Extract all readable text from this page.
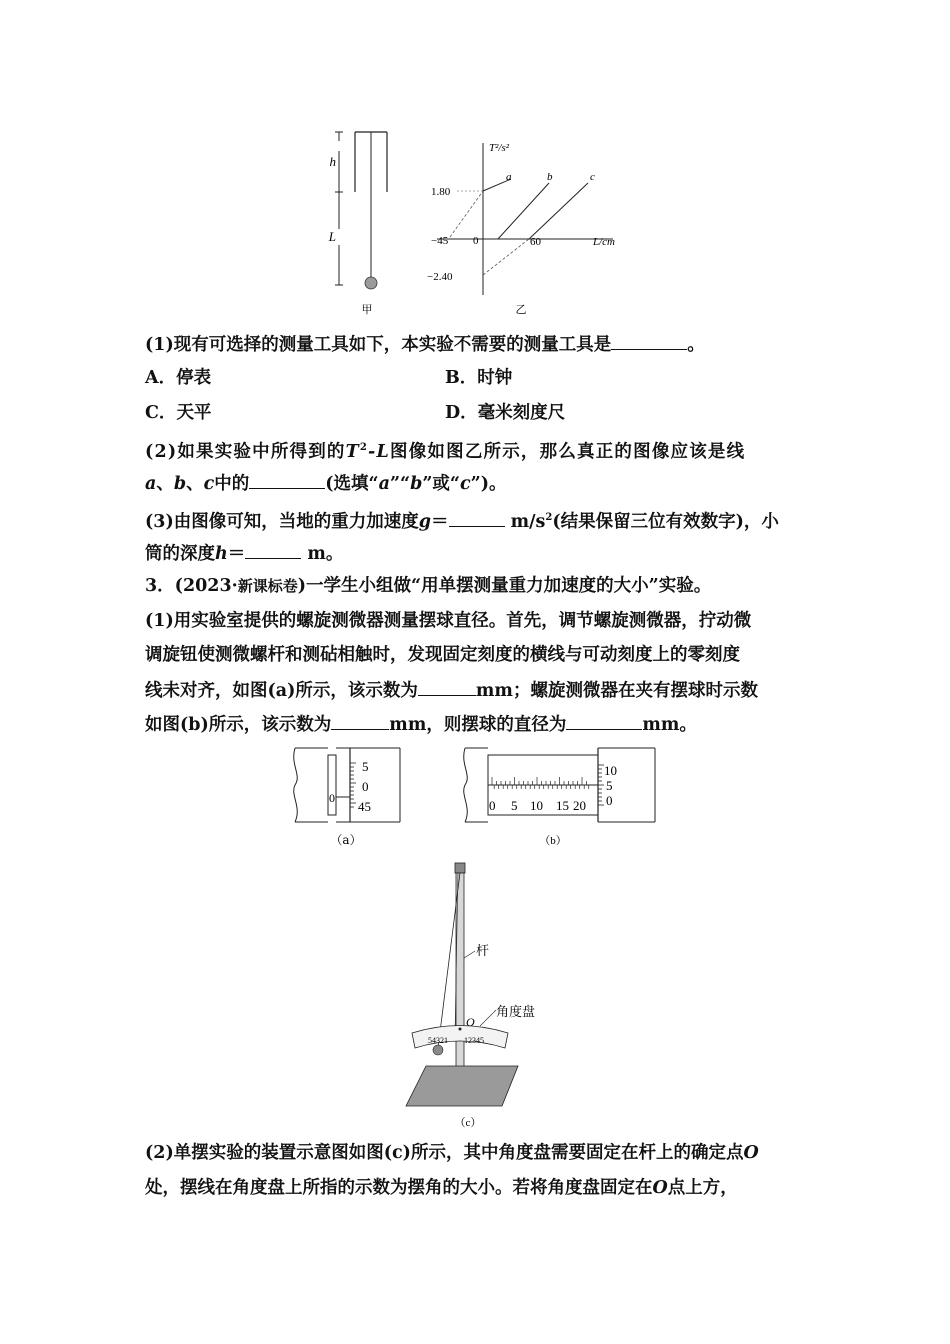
h
L
甲
T²/s²
L/cm
0
1.80
−2.40
−45	60
a	b	c
乙
(1)现有可选择的测量工具如下，本实验不需要的测量工具是	。
A．停表	B．时钟
C．天平	D．毫米刻度尺
(2)如果实验中所得到的$T^2-L$图像如图乙所示，那么真正的图像应该是线
a、b、c中的	(选填“a”“b”或“c”)。
(3)由图像可知，当地的重力加速度g＝	$m/s^2$(结果保留三位有效数字)，小
筒的深度h＝	m。
3．(2023·新课标卷)一学生小组做“用单摆测量重力加速度的大小”实验。
(1)用实验室提供的螺旋测微器测量摆球直径。首先，调节螺旋测微器，拧动微
调旋钮使测微螺杆和测砧相触时，发现固定刻度的横线与可动刻度上的零刻度
线未对齐，如图(a)所示，该示数为	mm；螺旋测微器在夹有摆球时示数
如图(b)所示，该示数为	mm，则摆球的直径为	mm。
5
0
45
0
（a）
0 5 10 15 20
10
5
0
（b）
54321 12345
O
杆
角度盘
（c）
(2)单摆实验的装置示意图如图(c)所示，其中角度盘需要固定在杆上的确定点O
处，摆线在角度盘上所指的示数为摆角的大小。若将角度盘固定在O点上方，
